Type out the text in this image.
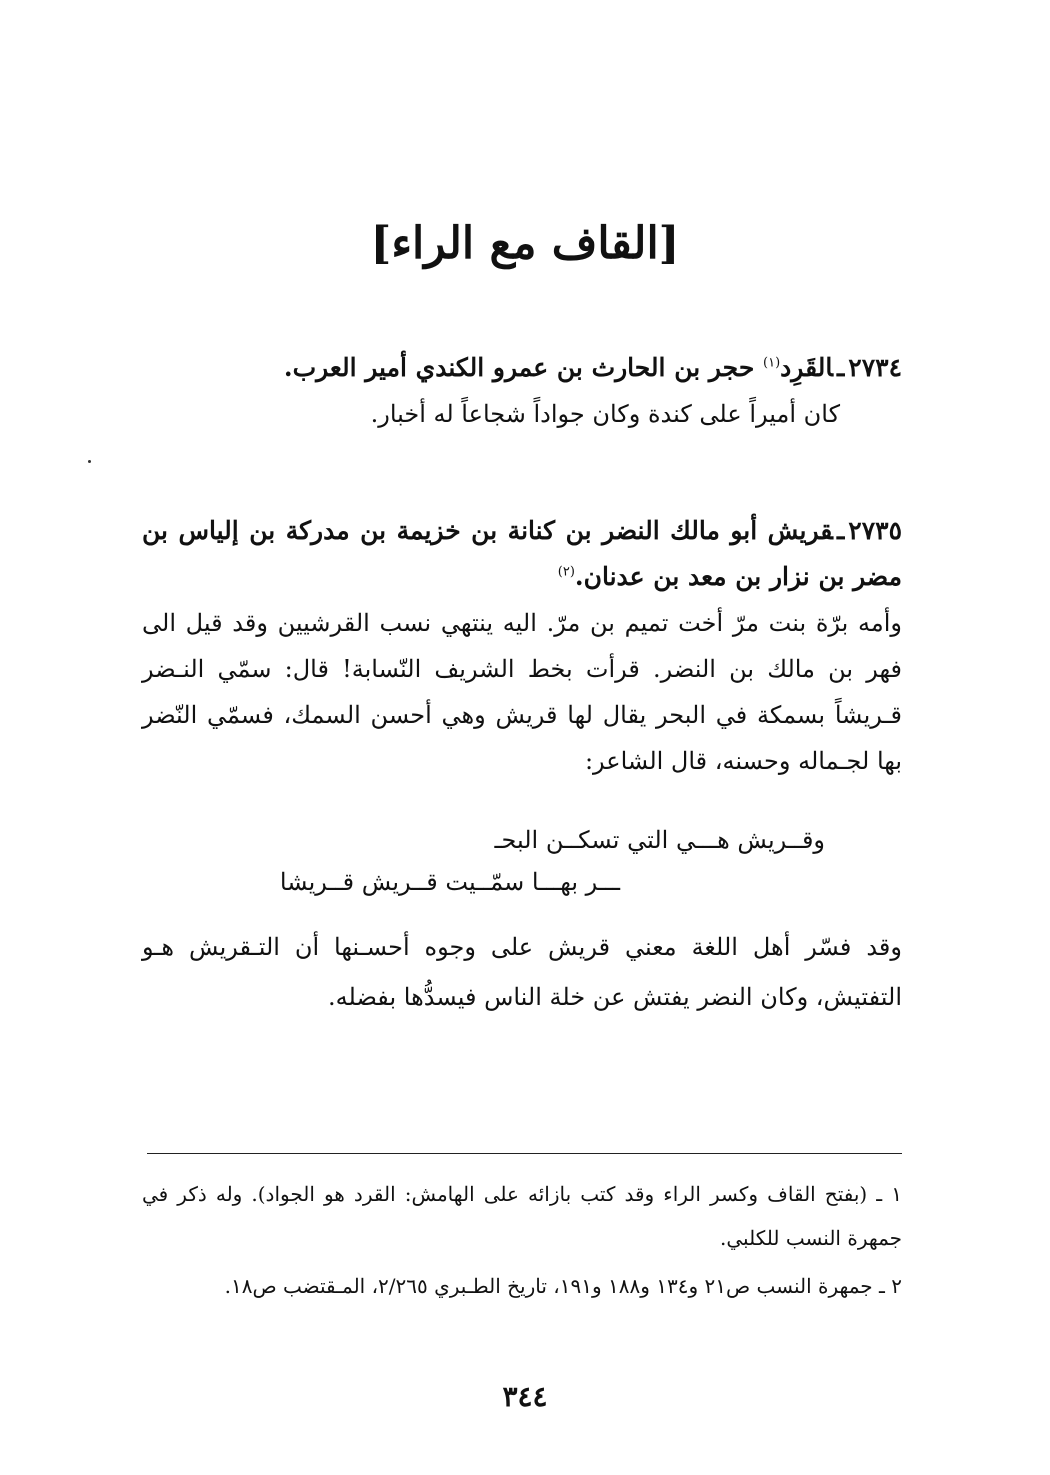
[القاف مع الراء]
٢٧٣٤ـالقَرِد$^{(١)}$ حجر بن الحارث بن عمرو الكندي أمير العرب.
كان أميراً على كندة وكان جواداً شجاعاً له أخبار.
٢٧٣٥ـقريش أبو مالك النضر بن كنانة بن خزيمة بن مدركة بن إلياس بن مضر بن نزار بن معد بن عدنان.$^{(٢)}$
وأمه برّة بنت مرّ أخت تميم بن مرّ. اليه ينتهي نسب القرشيين وقد قيل الى فهر بن مالك بن النضر. قرأت بخط الشريف النّسابة! قال: سمّي النـضر قـريشاً بسمكة في البحر يقال لها قريش وهي أحسن السمك، فسمّي النّضر بها لجـماله وحسنه، قال الشاعر:
وقــريش هـــي التي تسكــن البحـ
ـــر بهـــا سمّــيت قــريش قــريشا
وقد فسّر أهل اللغة معني قريش على وجوه أحسـنها أن التـقريش هـو التفتيش، وكان النضر يفتش عن خلة الناس فيسدُّها بفضله.

١ ـ (بفتح القاف وكسر الراء وقد كتب بازائه على الهامش: القرد هو الجواد). وله ذكر في جمهرة النسب للكلبي.

٢ ـ جمهرة النسب ص٢١ و١٣٤ و١٨٨ و١٩١، تاريخ الطـبري ٢/٢٦٥، المـقتضب ص١٨.

٣٤٤
